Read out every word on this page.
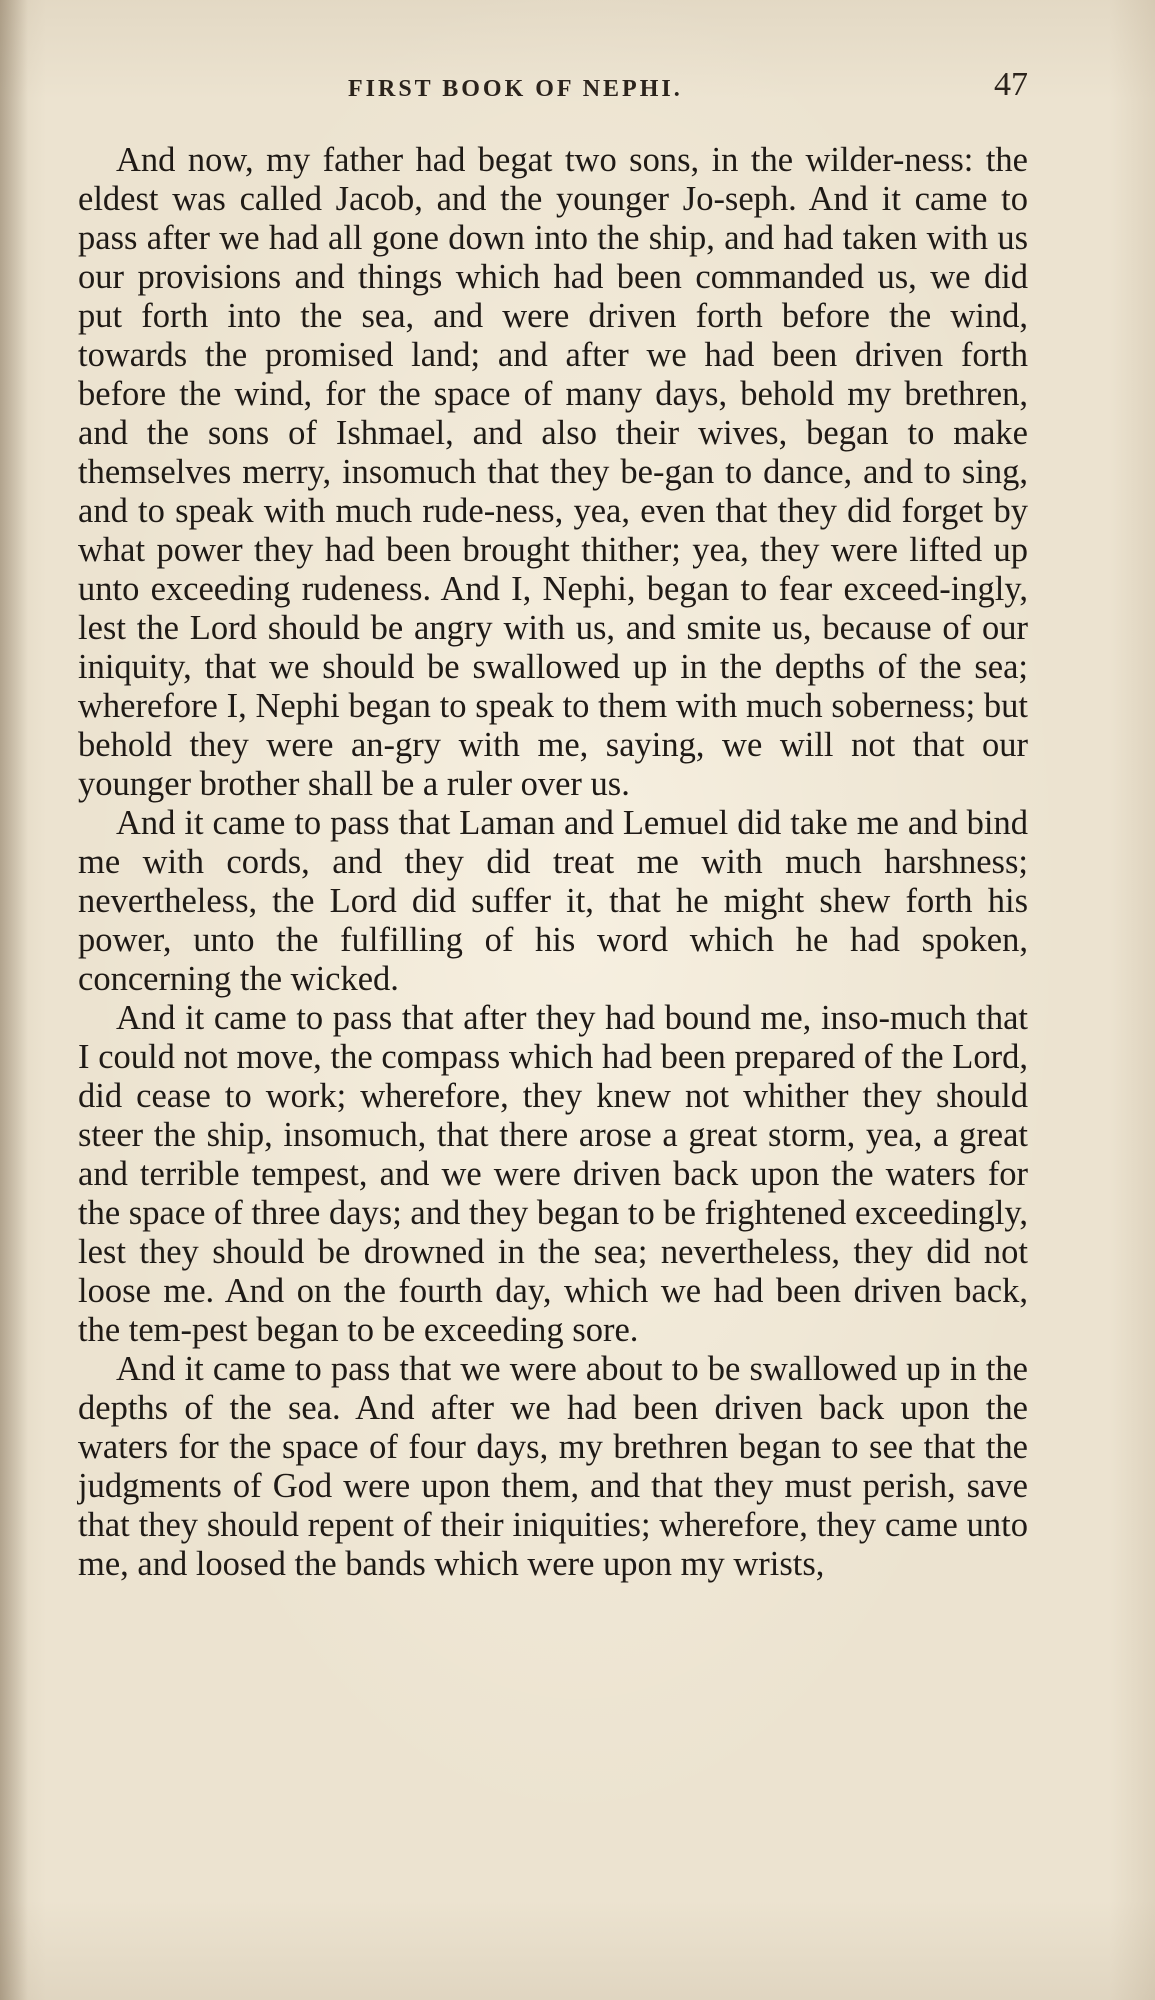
FIRST BOOK OF NEPHI.	47

And now, my father had begat two sons, in the wilder-ness: the eldest was called Jacob, and the younger Jo-seph. And it came to pass after we had all gone down into the ship, and had taken with us our provisions and things which had been commanded us, we did put forth into the sea, and were driven forth before the wind, towards the promised land; and after we had been driven forth before the wind, for the space of many days, behold my brethren, and the sons of Ishmael, and also their wives, began to make themselves merry, insomuch that they be-gan to dance, and to sing, and to speak with much rude-ness, yea, even that they did forget by what power they had been brought thither; yea, they were lifted up unto exceeding rudeness. And I, Nephi, began to fear exceed-ingly, lest the Lord should be angry with us, and smite us, because of our iniquity, that we should be swallowed up in the depths of the sea; wherefore I, Nephi began to speak to them with much soberness; but behold they were an-gry with me, saying, we will not that our younger brother shall be a ruler over us.

And it came to pass that Laman and Lemuel did take me and bind me with cords, and they did treat me with much harshness; nevertheless, the Lord did suffer it, that he might shew forth his power, unto the fulfilling of his word which he had spoken, concerning the wicked.

And it came to pass that after they had bound me, inso-much that I could not move, the compass which had been prepared of the Lord, did cease to work; wherefore, they knew not whither they should steer the ship, insomuch, that there arose a great storm, yea, a great and terrible tempest, and we were driven back upon the waters for the space of three days; and they began to be frightened exceedingly, lest they should be drowned in the sea; nevertheless, they did not loose me. And on the fourth day, which we had been driven back, the tem-pest began to be exceeding sore.

And it came to pass that we were about to be swallowed up in the depths of the sea. And after we had been driven back upon the waters for the space of four days, my brethren began to see that the judgments of God were upon them, and that they must perish, save that they should repent of their iniquities; wherefore, they came unto me, and loosed the bands which were upon my wrists,
